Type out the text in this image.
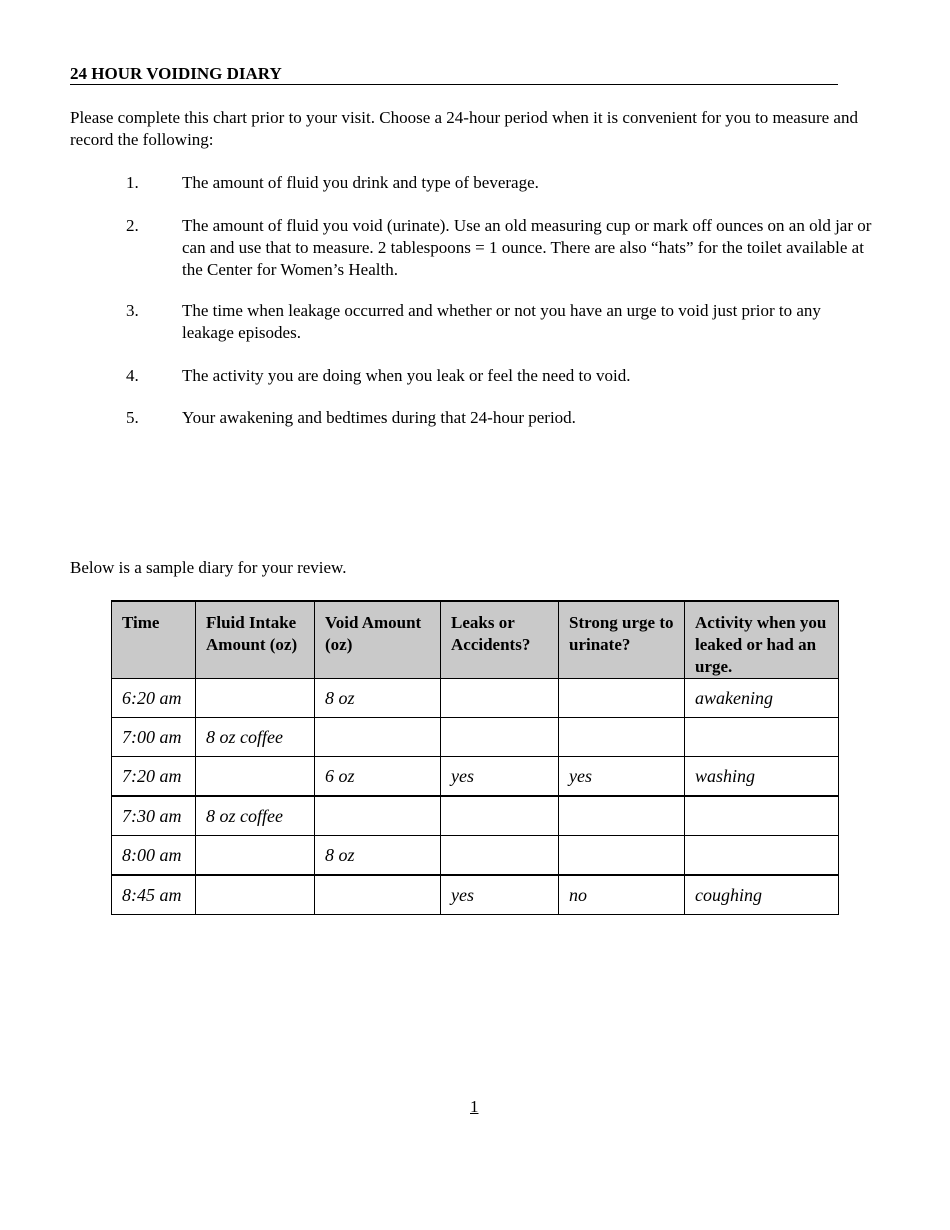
24 HOUR VOIDING DIARY
Please complete this chart prior to your visit. Choose a 24-hour period when it is convenient for you to measure and record the following:
1.	The amount of fluid you drink and type of beverage.
2.	The amount of fluid you void (urinate). Use an old measuring cup or mark off ounces on an old jar or can and use that to measure. 2 tablespoons = 1 ounce. There are also “hats” for the toilet available at the Center for Women’s Health.
3.	The time when leakage occurred and whether or not you have an urge to void just prior to any leakage episodes.
4.	The activity you are doing when you leak or feel the need to void.
5.	Your awakening and bedtimes during that 24-hour period.
Below is a sample diary for your review.
Time	Fluid Intake Amount (oz)	Void Amount (oz)	Leaks or Accidents?	Strong urge to urinate?	Activity when you leaked or had an urge.
6:20 am		8 oz			awakening
7:00 am	8 oz coffee				
7:20 am		6 oz	yes	yes	washing
7:30 am	8 oz coffee				
8:00 am		8 oz			
8:45 am			yes	no	coughing
1
